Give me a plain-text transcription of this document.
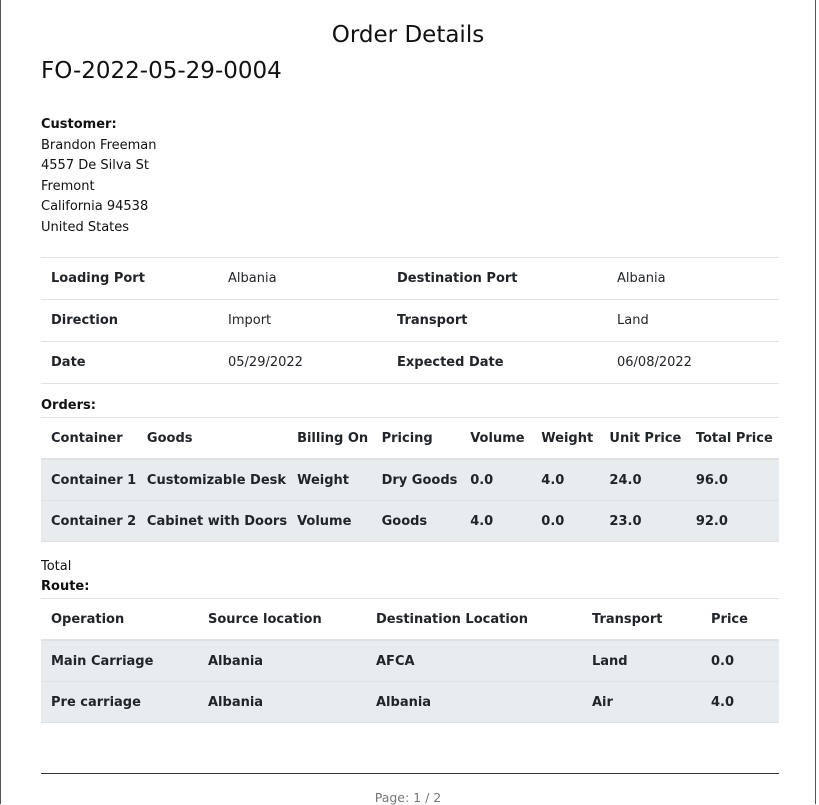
Order Details
FO-2022-05-29-0004
Customer:
Brandon Freeman
4557 De Silva St
Fremont
California 94538
United States
Loading Port	Albania	Destination Port	Albania
Direction	Import	Transport	Land
Date	05/29/2022	Expected Date	06/08/2022
Orders:
Container	Goods	Billing On	Pricing	Volume	Weight	Unit Price	Total Price
Container 1	Customizable Desk	Weight	Dry Goods	0.0	4.0	24.0	96.0
Container 2	Cabinet with Doors	Volume	Goods	4.0	0.0	23.0	92.0
Total
Route:
Operation	Source location	Destination Location	Transport	Price
Main Carriage	Albania	AFCA	Land	0.0
Pre carriage	Albania	Albania	Air	4.0
Page: 1 / 2
